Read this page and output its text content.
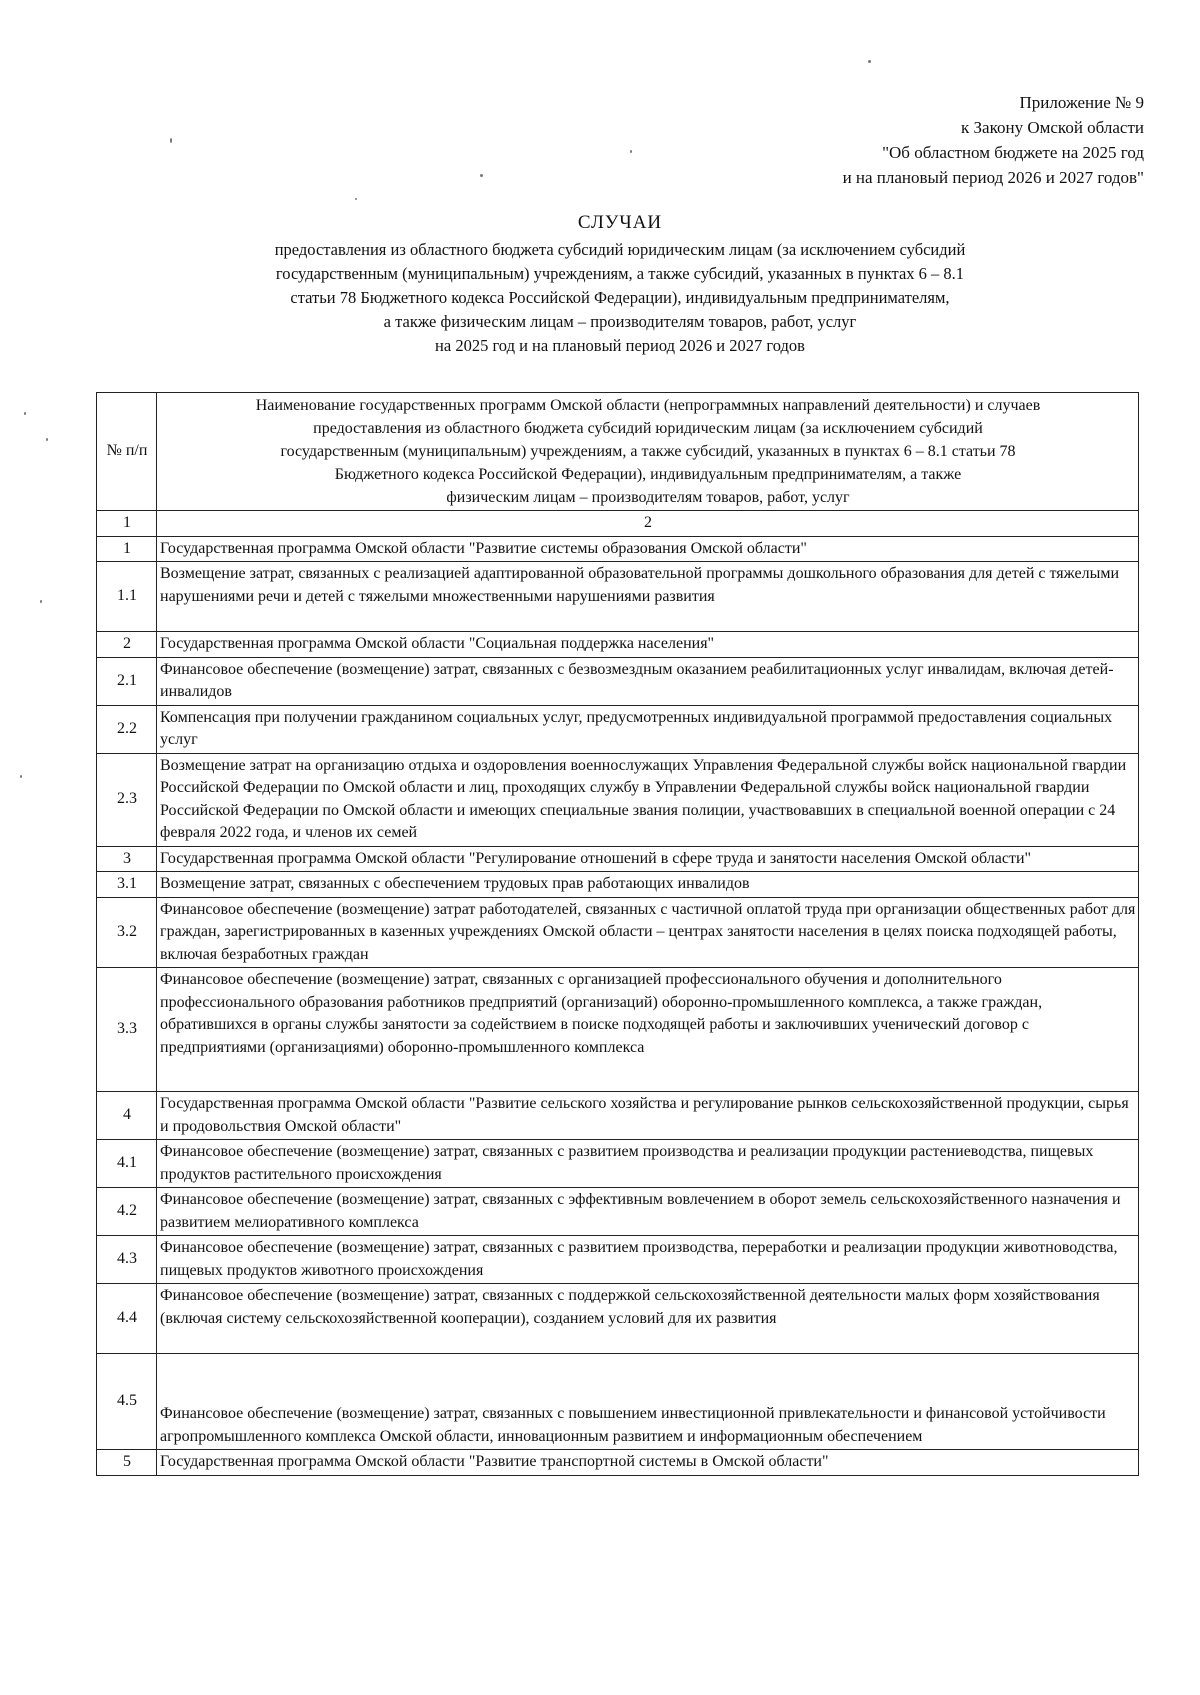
Приложение № 9
к Закону Омской области
"Об областном бюджете на 2025 год
и на плановый период 2026 и 2027 годов"
СЛУЧАИ
предоставления из областного бюджета субсидий юридическим лицам (за исключением субсидий
государственным (муниципальным) учреждениям, а также субсидий, указанных в пунктах 6 – 8.1
статьи 78 Бюджетного кодекса Российской Федерации), индивидуальным предпринимателям,
а также физическим лицам – производителям товаров, работ, услуг
на 2025 год и на плановый период 2026 и 2027 годов
№ п/п	Наименование государственных программ Омской области (непрограммных направлений деятельности) и случаев
предоставления из областного бюджета субсидий юридическим лицам (за исключением субсидий
государственным (муниципальным) учреждениям, а также субсидий, указанных в пунктах 6 – 8.1 статьи 78
Бюджетного кодекса Российской Федерации), индивидуальным предпринимателям, а также
физическим лицам – производителям товаров, работ, услуг

1	2
1	Государственная программа Омской области "Развитие системы образования Омской области"
1.1	Возмещение затрат, связанных с реализацией адаптированной образовательной программы дошкольного образования для детей с тяжелыми нарушениями речи и детей с тяжелыми множественными нарушениями развития
2	Государственная программа Омской области "Социальная поддержка населения"
2.1	Финансовое обеспечение (возмещение) затрат, связанных с безвозмездным оказанием реабилитационных услуг инвалидам, включая детей-инвалидов
2.2	Компенсация при получении гражданином социальных услуг, предусмотренных индивидуальной программой предоставления социальных услуг
2.3	Возмещение затрат на организацию отдыха и оздоровления военнослужащих Управления Федеральной службы войск национальной гвардии Российской Федерации по Омской области и лиц, проходящих службу в Управлении Федеральной службы войск национальной гвардии Российской Федерации по Омской области и имеющих специальные звания полиции, участвовавших в специальной военной операции с 24 февраля 2022 года, и членов их семей
3	Государственная программа Омской области "Регулирование отношений в сфере труда и занятости населения Омской области"
3.1	Возмещение затрат, связанных с обеспечением трудовых прав работающих инвалидов
3.2	Финансовое обеспечение (возмещение) затрат работодателей, связанных с частичной оплатой труда при организации общественных работ для граждан, зарегистрированных в казенных учреждениях Омской области – центрах занятости населения в целях поиска подходящей работы, включая безработных граждан
3.3	Финансовое обеспечение (возмещение) затрат, связанных с организацией профессионального обучения и дополнительного профессионального образования работников предприятий (организаций) оборонно-промышленного комплекса, а также граждан, обратившихся в органы службы занятости за содействием в поиске подходящей работы и заключивших ученический договор с предприятиями (организациями) оборонно-промышленного комплекса
4	Государственная программа Омской области "Развитие сельского хозяйства и регулирование рынков сельскохозяйственной продукции, сырья и продовольствия Омской области"
4.1	Финансовое обеспечение (возмещение) затрат, связанных с развитием производства и реализации продукции растениеводства, пищевых продуктов растительного происхождения
4.2	Финансовое обеспечение (возмещение) затрат, связанных с эффективным вовлечением в оборот земель сельскохозяйственного назначения и развитием мелиоративного комплекса
4.3	Финансовое обеспечение (возмещение) затрат, связанных с развитием производства, переработки и реализации продукции животноводства, пищевых продуктов животного происхождения
4.4	Финансовое обеспечение (возмещение) затрат, связанных с поддержкой сельскохозяйственной деятельности малых форм хозяйствования (включая систему сельскохозяйственной кооперации), созданием условий для их развития
4.5	Финансовое обеспечение (возмещение) затрат, связанных с повышением инвестиционной привлекательности и финансовой устойчивости агропромышленного комплекса Омской области, инновационным развитием и информационным обеспечением
5	Государственная программа Омской области "Развитие транспортной системы в Омской области"
